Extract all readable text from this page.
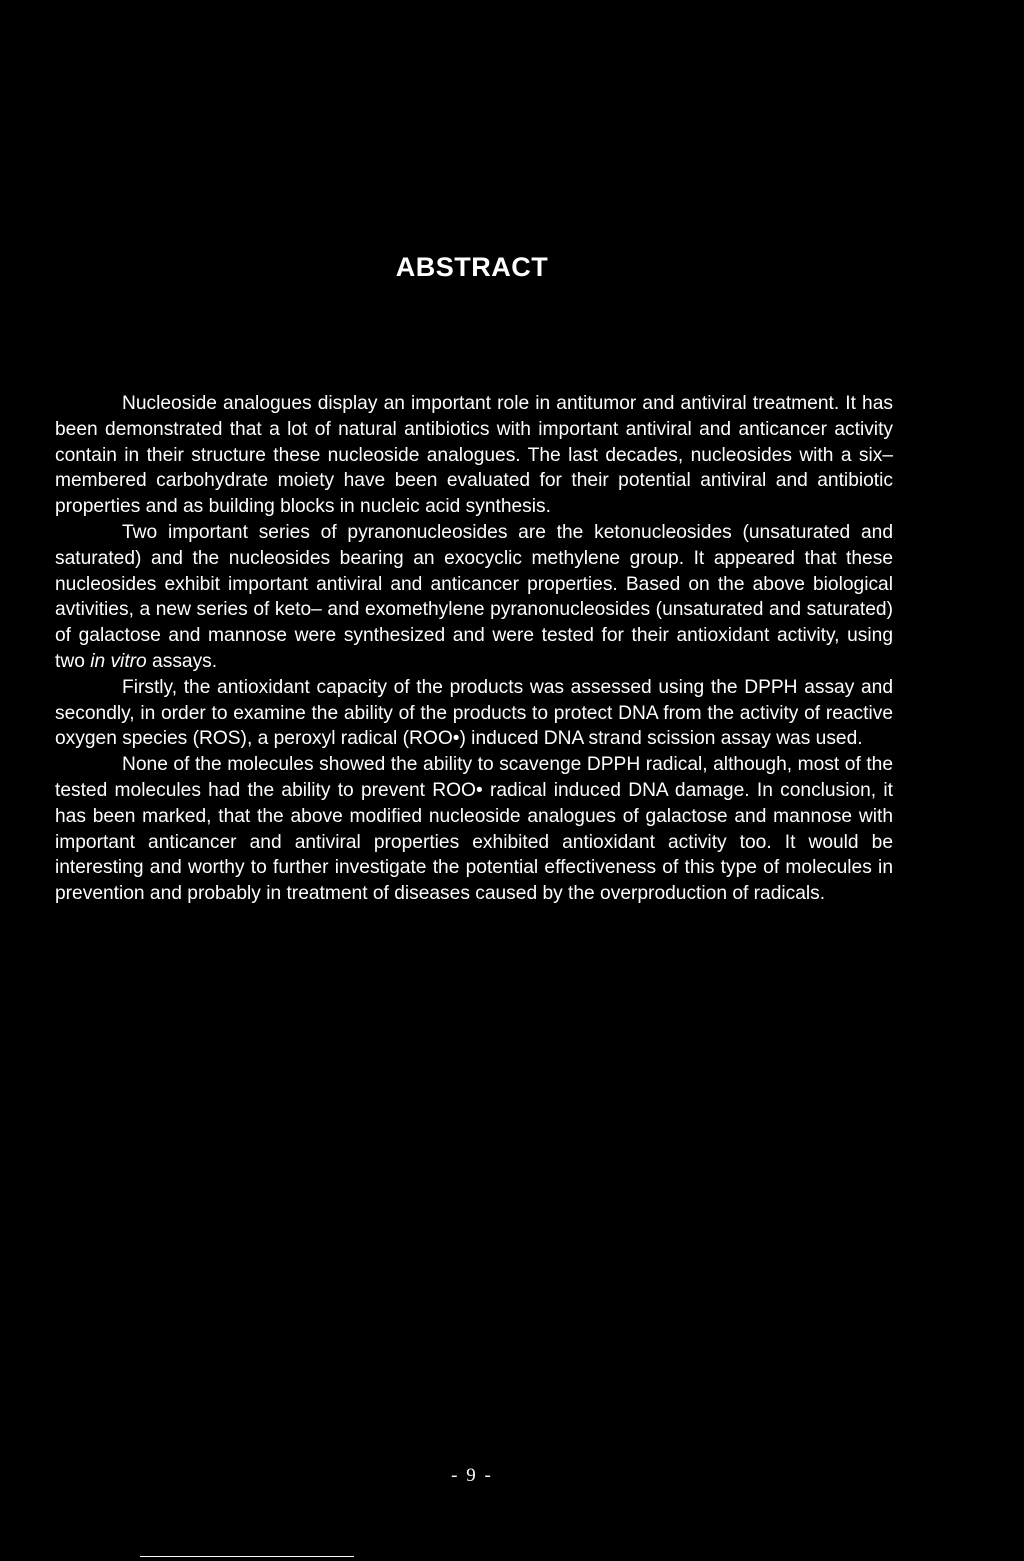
ABSTRACT

Nucleoside analogues display an important role in antitumor and antiviral treatment. It has been demonstrated that a lot of natural antibiotics with important antiviral and anticancer activity contain in their structure these nucleoside analogues. The last decades, nucleosides with a six–membered carbohydrate moiety have been evaluated for their potential antiviral and antibiotic properties and as building blocks in nucleic acid synthesis.

Two important series of pyranonucleosides are the ketonucleosides (unsaturated and saturated) and the nucleosides bearing an exocyclic methylene group. It appeared that these nucleosides exhibit important antiviral and anticancer properties. Based on the above biological avtivities, a new series of keto– and exomethylene pyranonucleosides (unsaturated and saturated) of galactose and mannose were synthesized and were tested for their antioxidant activity, using two in vitro assays.

Firstly, the antioxidant capacity of the products was assessed using the DPPH assay and secondly, in order to examine the ability of the products to protect DNA from the activity of reactive oxygen species (ROS), a peroxyl radical (ROO•) induced DNA strand scission assay was used.

None of the molecules showed the ability to scavenge DPPH radical, although, most of the tested molecules had the ability to prevent ROO• radical induced DNA damage. In conclusion, it has been marked, that the above modified nucleoside analogues of galactose and mannose with important anticancer and antiviral properties exhibited antioxidant activity too. It would be interesting and worthy to further investigate the potential effectiveness of this type of molecules in prevention and probably in treatment of diseases caused by the overproduction of radicals.

- 9 -
